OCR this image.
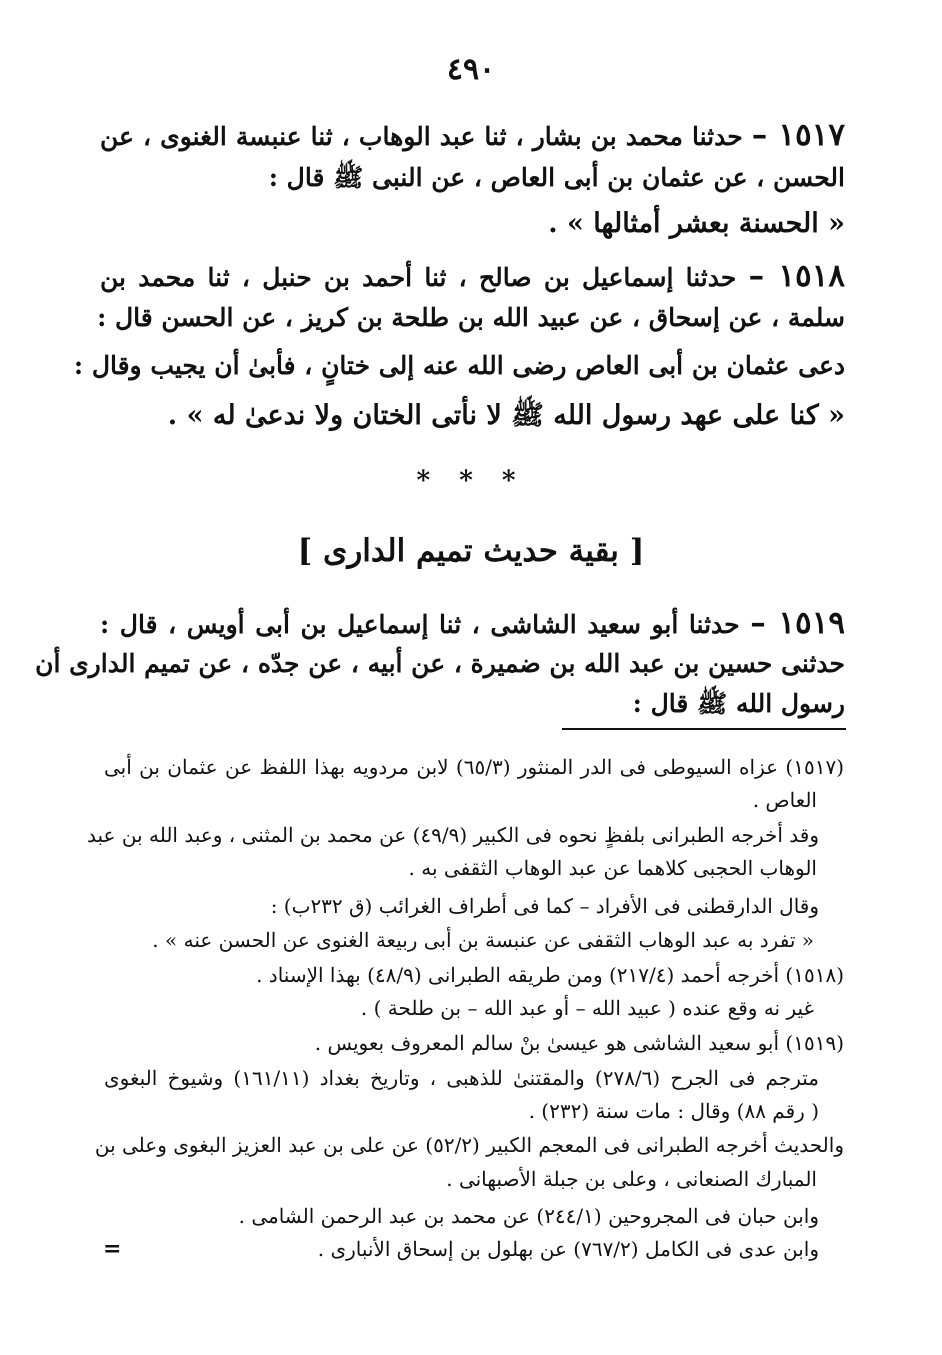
٤٩٠
١٥١٧ – حدثنا محمد بن بشار ، ثنا عبد الوهاب ، ثنا عنبسة الغنوى ، عن
الحسن ، عن عثمان بن أبى العاص ، عن النبى ﷺ قال :
« الحسنة بعشر أمثالها » .
١٥١٨ – حدثنا إسماعيل بن صالح ، ثنا أحمد بن حنبل ، ثنا محمد بن
سلمة ، عن إسحاق ، عن عبيد الله بن طلحة بن كريز ، عن الحسن قال :
دعى عثمان بن أبى العاص رضى الله عنه إلى ختانٍ ، فأبىٰ أن يجيب وقال :
« كنا على عهد رسول الله ﷺ لا نأتى الختان ولا ندعىٰ له » .
* * *
[ بقية حديث تميم الدارى ]
١٥١٩ – حدثنا أبو سعيد الشاشى ، ثنا إسماعيل بن أبى أويس ، قال :
حدثنى حسين بن عبد الله بن ضميرة ، عن أبيه ، عن جدّه ، عن تميم الدارى أن
رسول الله ﷺ قال :
(١٥١٧) عزاه السيوطى فى الدر المنثور (٦٥/٣) لابن مردويه بهذا اللفظ عن عثمان بن أبى
العاص .
وقد أخرجه الطبرانى بلفظٍ نحوه فى الكبير (٤٩/٩) عن محمد بن المثنى ، وعبد الله بن عبد
الوهاب الحجبى كلاهما عن عبد الوهاب الثقفى به .
وقال الدارقطنى فى الأفراد – كما فى أطراف الغرائب (ق ٢٣٢ب) :
« تفرد به عبد الوهاب الثقفى عن عنبسة بن أبى ربيعة الغنوى عن الحسن عنه » .
(١٥١٨) أخرجه أحمد (٢١٧/٤) ومن طريقه الطبرانى (٤٨/٩) بهذا الإسناد .
غير نه وقع عنده ( عبيد الله – أو عبد الله – بن طلحة ) .
(١٥١٩) أبو سعيد الشاشى هو عيسىٰ بنْ سالم المعروف بعويس .
مترجم فى الجرح (٢٧٨/٦) والمقتنىٰ للذهبى ، وتاريخ بغداد (١٦١/١١) وشيوخ البغوى
( رقم ٨٨) وقال : مات سنة (٢٣٢) .
والحديث أخرجه الطبرانى فى المعجم الكبير (٥٢/٢) عن على بن عبد العزيز البغوى وعلى بن
المبارك الصنعانى ، وعلى بن جبلة الأصبهانى .
وابن حبان فى المجروحين (٢٤٤/١) عن محمد بن عبد الرحمن الشامى .
وابن عدى فى الكامل (٧٦٧/٢) عن بهلول بن إسحاق الأنبارى .
=
